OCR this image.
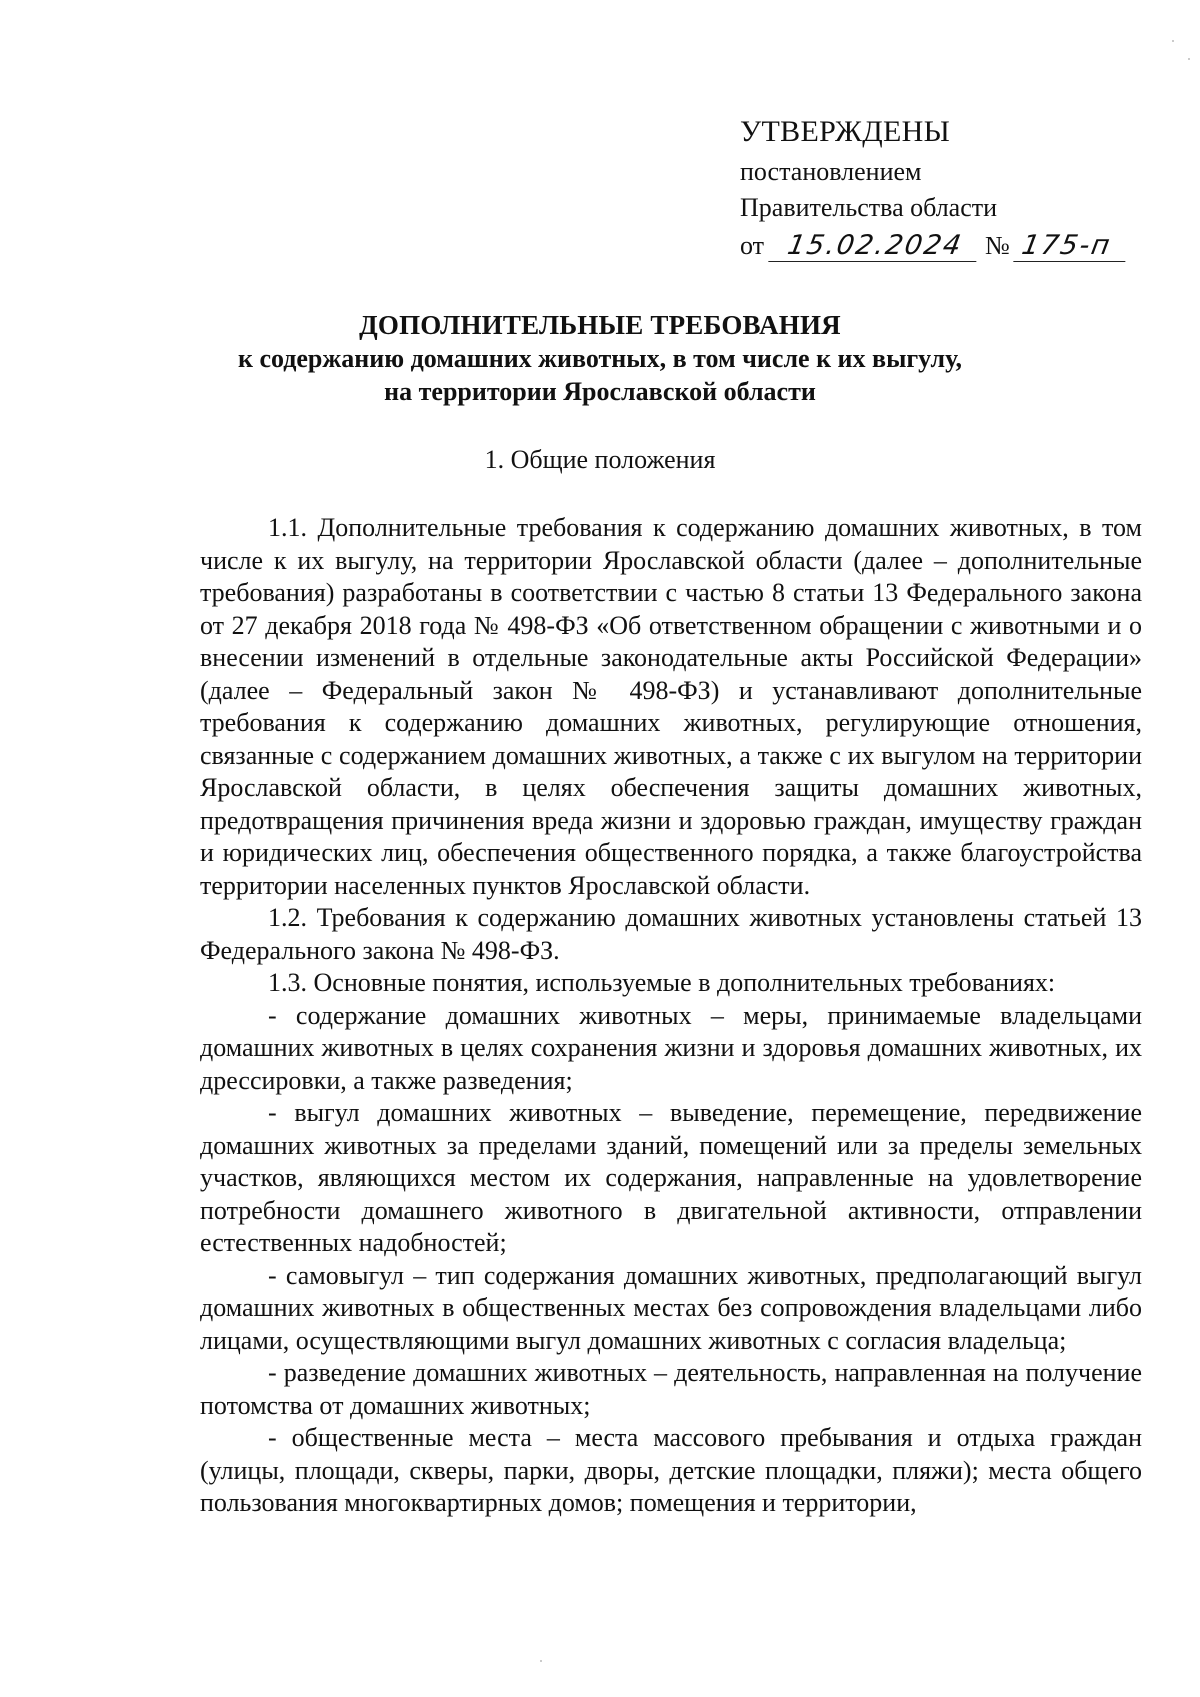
УТВЕРЖДЕНЫ
постановлением
Правительства области
от 15.02.2024 № 175-п
ДОПОЛНИТЕЛЬНЫЕ ТРЕБОВАНИЯ
к содержанию домашних животных, в том числе к их выгулу,
на территории Ярославской области
1. Общие положения

1.1. Дополнительные требования к содержанию домашних животных, в том числе к их выгулу, на территории Ярославской области (далее – дополнительные требования) разработаны в соответствии с частью 8 статьи 13 Федерального закона от 27 декабря 2018 года № 498-ФЗ «Об ответственном обращении с животными и о внесении изменений в отдельные законодательные акты Российской Федерации» (далее – Федеральный закон № 498-ФЗ) и устанавливают дополнительные требования к содержанию домашних животных, регулирующие отношения, связанные с содержанием домашних животных, а также с их выгулом на территории Ярославской области, в целях обеспечения защиты домашних животных, предотвращения причинения вреда жизни и здоровью граждан, имуществу граждан и юридических лиц, обеспечения общественного порядка, а также благоустройства территории населенных пунктов Ярославской области.

1.2. Требования к содержанию домашних животных установлены статьей 13 Федерального закона № 498-ФЗ.

1.3. Основные понятия, используемые в дополнительных требованиях:

- содержание домашних животных – меры, принимаемые владельцами домашних животных в целях сохранения жизни и здоровья домашних животных, их дрессировки, а также разведения;

- выгул домашних животных – выведение, перемещение, передвижение домашних животных за пределами зданий, помещений или за пределы земельных участков, являющихся местом их содержания, направленные на удовлетворение потребности домашнего животного в двигательной активности, отправлении естественных надобностей;

- самовыгул – тип содержания домашних животных, предполагающий выгул домашних животных в общественных местах без сопровождения владельцами либо лицами, осуществляющими выгул домашних животных с согласия владельца;

- разведение домашних животных – деятельность, направленная на получение потомства от домашних животных;

- общественные места – места массового пребывания и отдыха граждан (улицы, площади, скверы, парки, дворы, детские площадки, пляжи); места общего пользования многоквартирных домов; помещения и территории,
